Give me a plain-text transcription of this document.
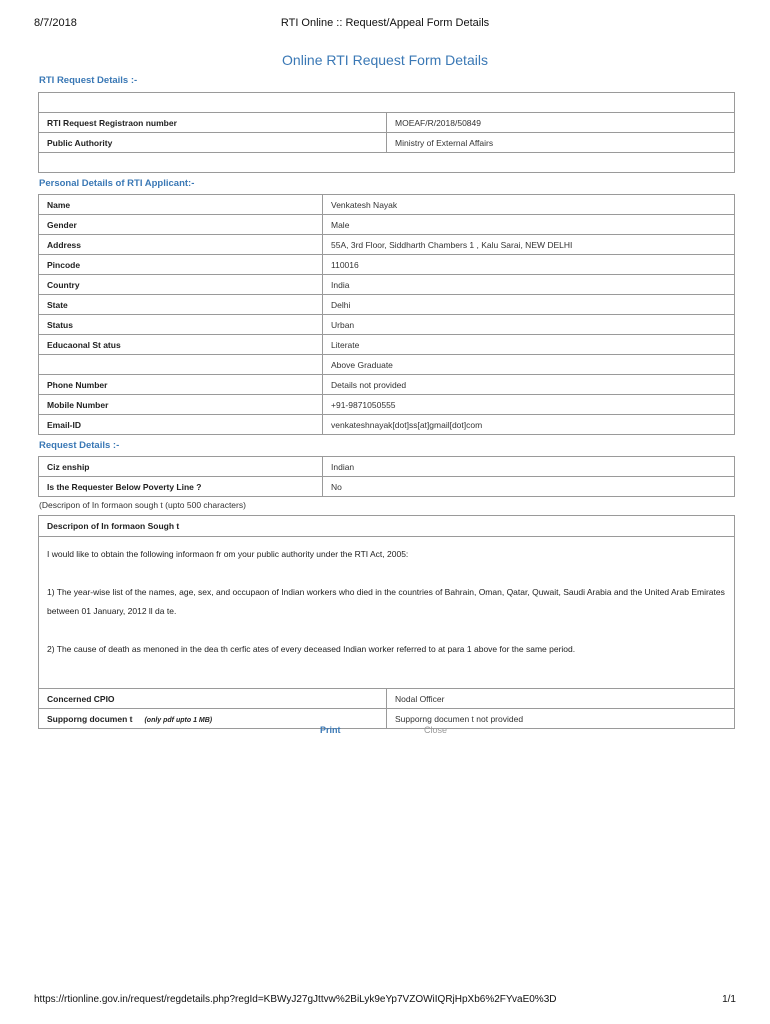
8/7/2018	RTI Online :: Request/Appeal Form Details
Online RTI Request Form Details
RTI Request Details :-

RTI Request Registraon number	MOEAF/R/2018/50849
Public Authority	Ministry of External Affairs

Personal Details of RTI Applicant:-
Name	Venkatesh Nayak
Gender	Male
Address	55A, 3rd Floor, Siddharth Chambers 1 , Kalu Sarai, NEW DELHI
Pincode	110016
Country	India
State	Delhi
Status	Urban
Educaonal St atus	Literate
	Above Graduate
Phone Number	Details not provided
Mobile Number	+91-9871050555
Email-ID	venkateshnayak[dot]ss[at]gmail[dot]com
Request Details :-
Ciz enship	Indian
Is the Requester Below Poverty Line ?	No
(Descripon of In formaon sough t (upto 500 characters)
Descripon of In formaon Sough t	

I would like to obtain the following informaon fr om your public authority under the RTI Act, 2005:

1) The year-wise list of the names, age, sex, and occupaon of Indian workers who died in the countries of Bahrain, Oman, Qatar, Quwait, Saudi Arabia and the United Arab Emirates between 01 January, 2012 ll da te.

2) The cause of death as menoned in the dea th cerfic ates of every deceased Indian worker referred to at para 1 above for the same period.	

Concerned CPIO	Nodal Officer
Supporng documen t (only pdf upto 1 MB)	Supporng documen t not provided
Print	Close
https://rtionline.gov.in/request/regdetails.php?regId=KBWyJ27gJttvw%2BiLyk9eYp7VZOWiIQRjHpXb6%2FYvaE0%3D	1/1
